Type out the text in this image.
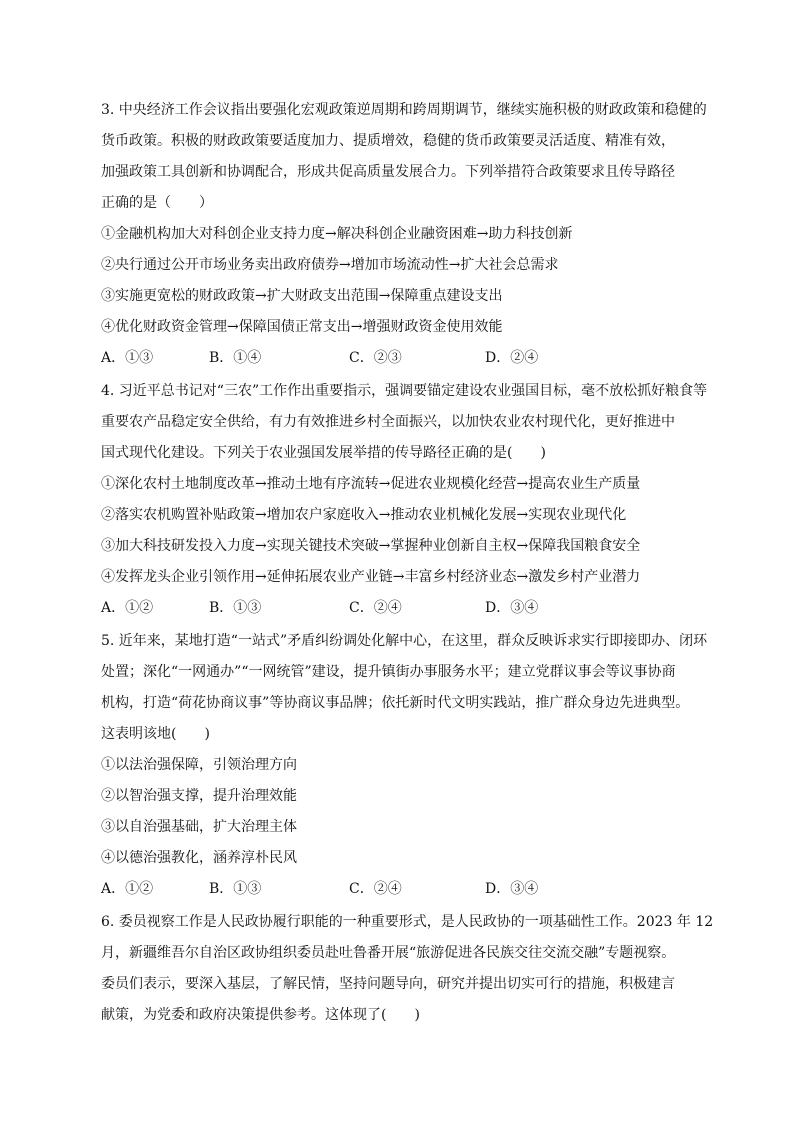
3. 中央经济工作会议指出要强化宏观政策逆周期和跨周期调节，继续实施积极的财政政策和稳健的
货币政策。积极的财政政策要适度加力、提质增效，稳健的货币政策要灵活适度、精准有效，
加强政策工具创新和协调配合，形成共促高质量发展合力。下列举措符合政策要求且传导路径
正确的是（　　）
①金融机构加大对科创企业支持力度→解决科创企业融资困难→助力科技创新
②央行通过公开市场业务卖出政府债券→增加市场流动性→扩大社会总需求
③实施更宽松的财政政策→扩大财政支出范围→保障重点建设支出
④优化财政资金管理→保障国债正常支出→增强财政资金使用效能
A．①③	B．①④	C．②③	D．②④
4. 习近平总书记对“三农”工作作出重要指示，强调要锚定建设农业强国目标，毫不放松抓好粮食等
重要农产品稳定安全供给，有力有效推进乡村全面振兴，以加快农业农村现代化，更好推进中
国式现代化建设。下列关于农业强国发展举措的传导路径正确的是(　　)
①深化农村土地制度改革→推动土地有序流转→促进农业规模化经营→提高农业生产质量
②落实农机购置补贴政策→增加农户家庭收入→推动农业机械化发展→实现农业现代化
③加大科技研发投入力度→实现关键技术突破→掌握种业创新自主权→保障我国粮食安全
④发挥龙头企业引领作用→延伸拓展农业产业链→丰富乡村经济业态→激发乡村产业潜力
A．①②	B．①③	C．②④	D．③④
5. 近年来，某地打造“一站式”矛盾纠纷调处化解中心，在这里，群众反映诉求实行即接即办、闭环
处置；深化“一网通办”“一网统管”建设，提升镇街办事服务水平；建立党群议事会等议事协商
机构，打造“荷花协商议事”等协商议事品牌；依托新时代文明实践站，推广群众身边先进典型。
这表明该地(　　)
①以法治强保障，引领治理方向
②以智治强支撑，提升治理效能
③以自治强基础，扩大治理主体
④以德治强教化，涵养淳朴民风
A．①②	B．①③	C．②④	D．③④
6. 委员视察工作是人民政协履行职能的一种重要形式，是人民政协的一项基础性工作。2023 年 12
月，新疆维吾尔自治区政协组织委员赴吐鲁番开展“旅游促进各民族交往交流交融”专题视察。
委员们表示，要深入基层，了解民情，坚持问题导向，研究并提出切实可行的措施，积极建言
献策，为党委和政府决策提供参考。这体现了(　　)
